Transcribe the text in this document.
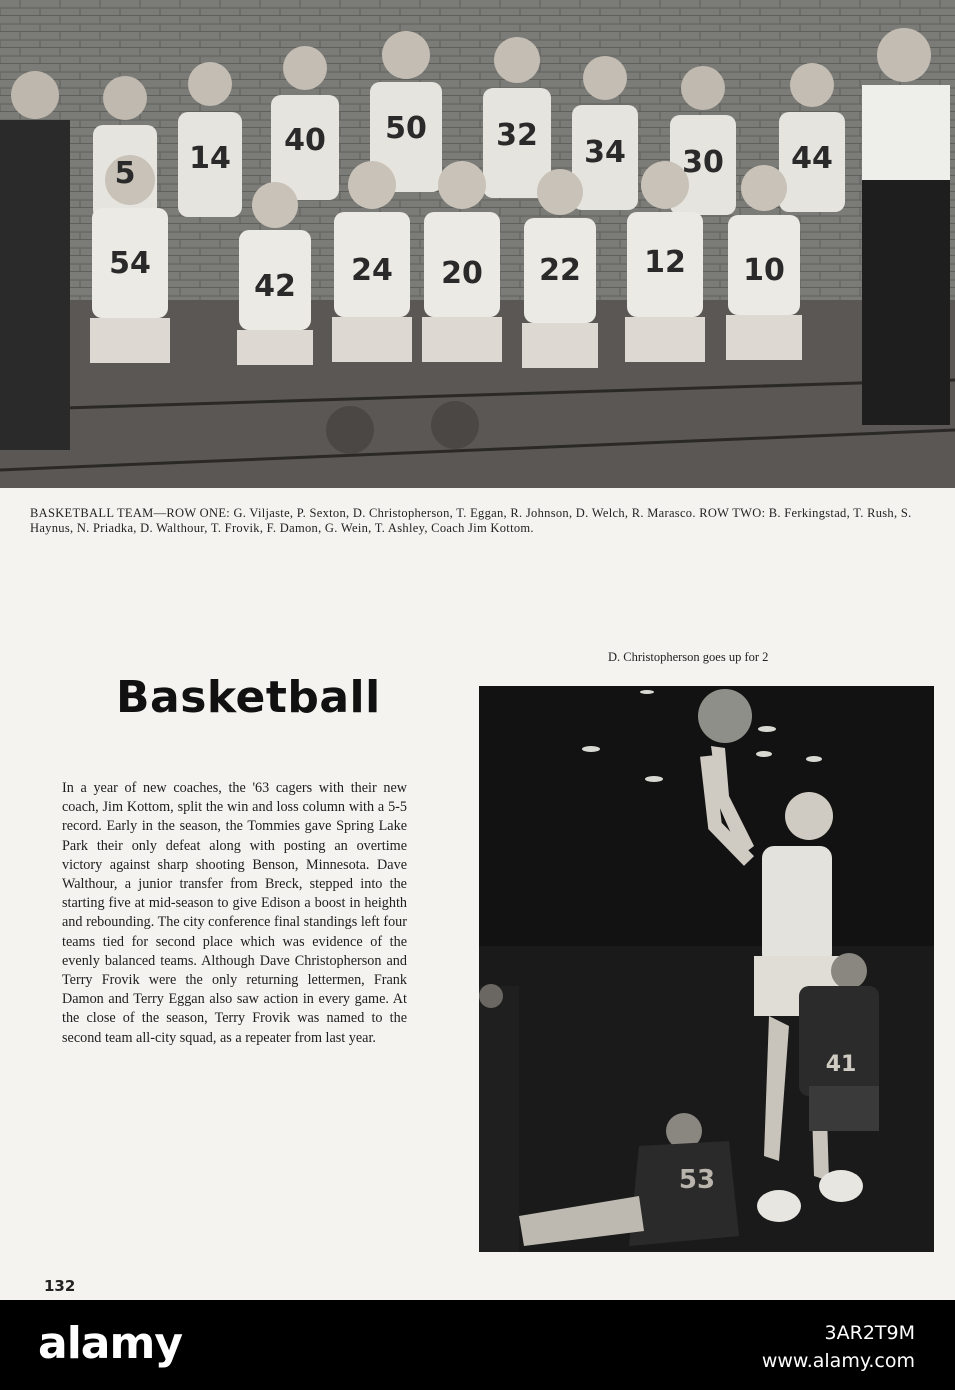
5 14
40 50 32 34 30 44
54
42 24 20 22 12 10
BASKETBALL TEAM—ROW ONE: G. Viljaste, P. Sexton, D. Christopherson, T. Eggan, R. Johnson, D. Welch, R. Marasco. ROW TWO: B. Ferkingstad, T. Rush, S. Haynus, N. Priadka, D. Walthour, T. Frovik, F. Damon, G. Wein, T. Ashley, Coach Jim Kottom.
Basketball
In a year of new coaches, the '63 cagers with their new coach, Jim Kottom, split the win and loss column with a 5-5 record. Early in the season, the Tommies gave Spring Lake Park their only defeat along with posting an overtime victory against sharp shooting Benson, Minnesota. Dave Walthour, a junior transfer from Breck, stepped into the starting five at mid-season to give Edison a boost in heighth and rebounding. The city conference final standings left four teams tied for second place which was evidence of the evenly balanced teams. Although Dave Christopherson and Terry Frovik were the only returning lettermen, Frank Damon and Terry Eggan also saw action in every game. At the close of the season, Terry Frovik was named to the second team all-city squad, as a repeater from last year.
D. Christopherson goes up for 2
41
53
132
alamy	3AR2T9M
www.alamy.com
